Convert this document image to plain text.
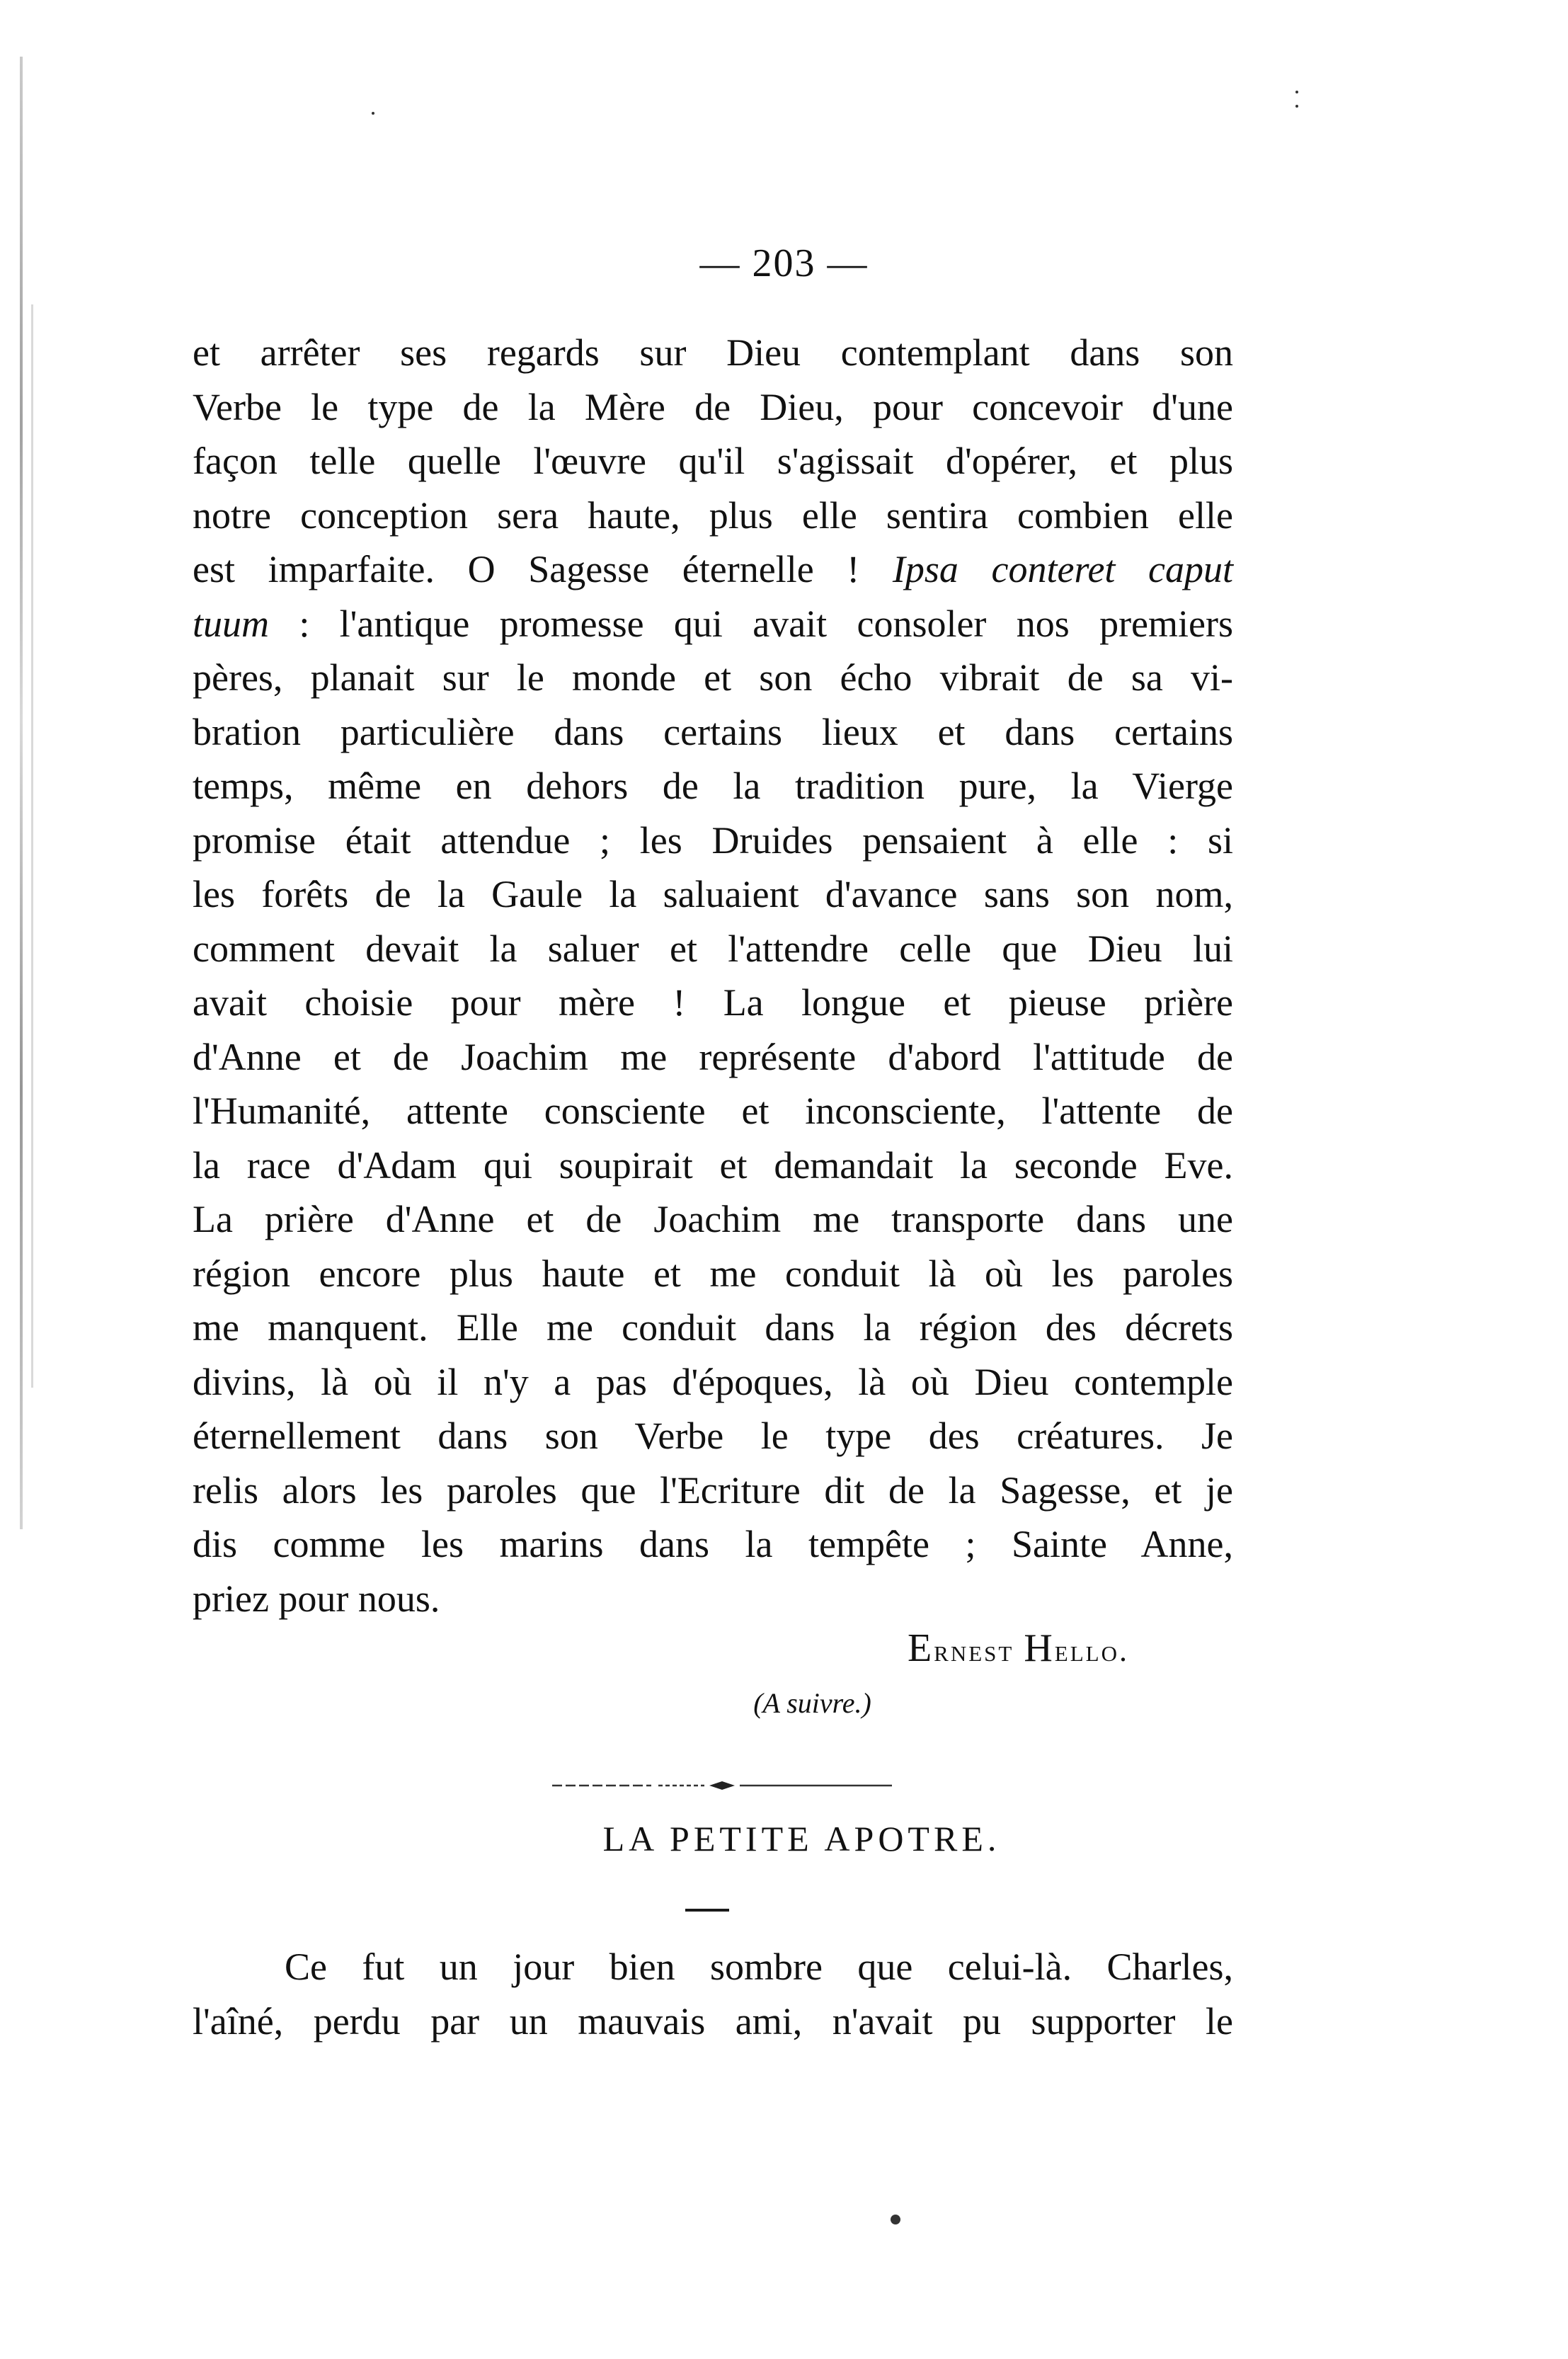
— 203 —
et arrêter ses regards sur Dieu contemplant dans son
Verbe le type de la Mère de Dieu, pour concevoir d'une
façon telle quelle l'œuvre qu'il s'agissait d'opérer, et plus
notre conception sera haute, plus elle sentira combien elle
est imparfaite. O Sagesse éternelle ! Ipsa conteret caput
tuum : l'antique promesse qui avait consoler nos premiers
pères, planait sur le monde et son écho vibrait de sa vi-
bration particulière dans certains lieux et dans certains
temps, même en dehors de la tradition pure, la Vierge
promise était attendue ; les Druides pensaient à elle : si
les forêts de la Gaule la saluaient d'avance sans son nom,
comment devait la saluer et l'attendre celle que Dieu lui
avait choisie pour mère ! La longue et pieuse prière
d'Anne et de Joachim me représente d'abord l'attitude de
l'Humanité, attente consciente et inconsciente, l'attente de
la race d'Adam qui soupirait et demandait la seconde Eve.
La prière d'Anne et de Joachim me transporte dans une
région encore plus haute et me conduit là où les paroles
me manquent. Elle me conduit dans la région des décrets
divins, là où il n'y a pas d'époques, là où Dieu contemple
éternellement dans son Verbe le type des créatures. Je
relis alors les paroles que l'Ecriture dit de la Sagesse, et je
dis comme les marins dans la tempête ; Sainte Anne,
priez pour nous.
Ernest Hello.
(A suivre.)
LA PETITE APOTRE.
Ce fut un jour bien sombre que celui-là. Charles,
l'aîné, perdu par un mauvais ami, n'avait pu supporter le
